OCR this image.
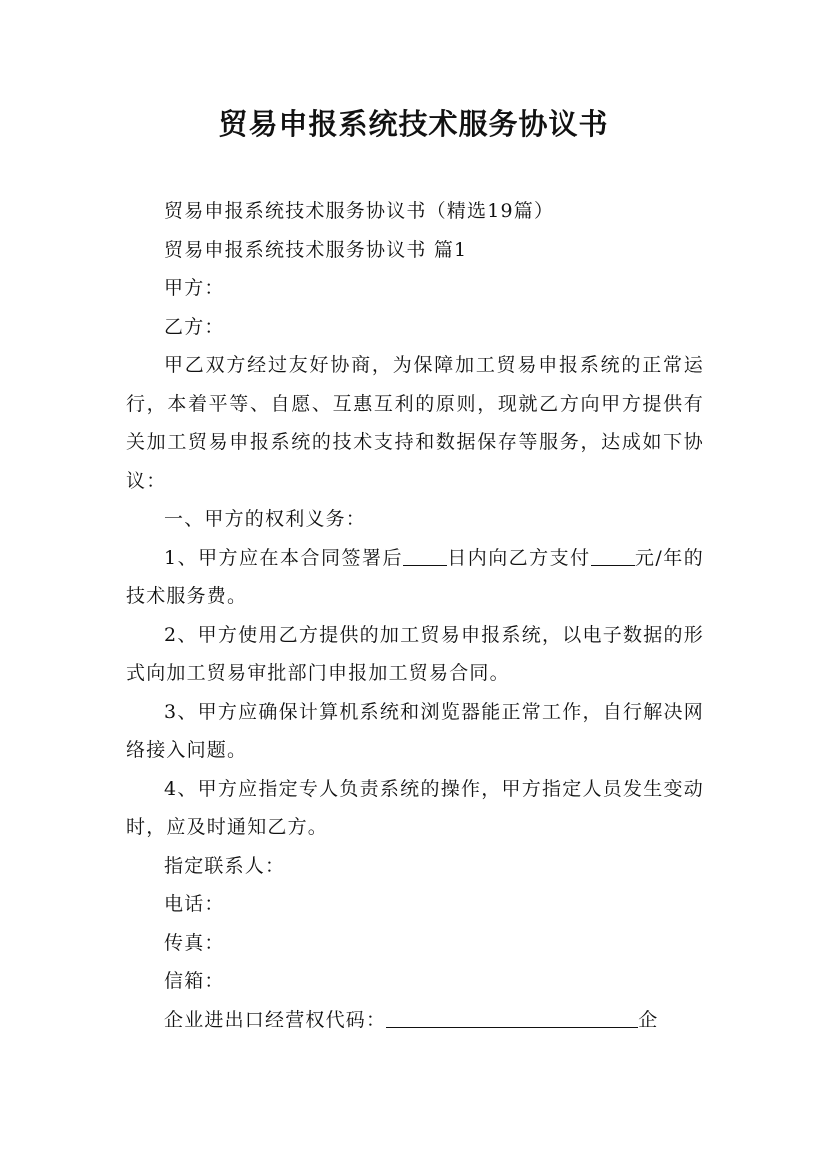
贸易申报系统技术服务协议书

贸易申报系统技术服务协议书（精选19篇）

贸易申报系统技术服务协议书 篇1

甲方：

乙方：

甲乙双方经过友好协商，为保障加工贸易申报系统的正常运行，本着平等、自愿、互惠互利的原则，现就乙方向甲方提供有关加工贸易申报系统的技术支持和数据保存等服务，达成如下协议：

一、甲方的权利义务：

1、甲方应在本合同签署后 日内向乙方支付 元/年的技术服务费。

2、甲方使用乙方提供的加工贸易申报系统，以电子数据的形式向加工贸易审批部门申报加工贸易合同。

3、甲方应确保计算机系统和浏览器能正常工作，自行解决网络接入问题。

4、甲方应指定专人负责系统的操作，甲方指定人员发生变动时，应及时通知乙方。

指定联系人：

电话：

传真：

信箱：

企业进出口经营权代码：	企
